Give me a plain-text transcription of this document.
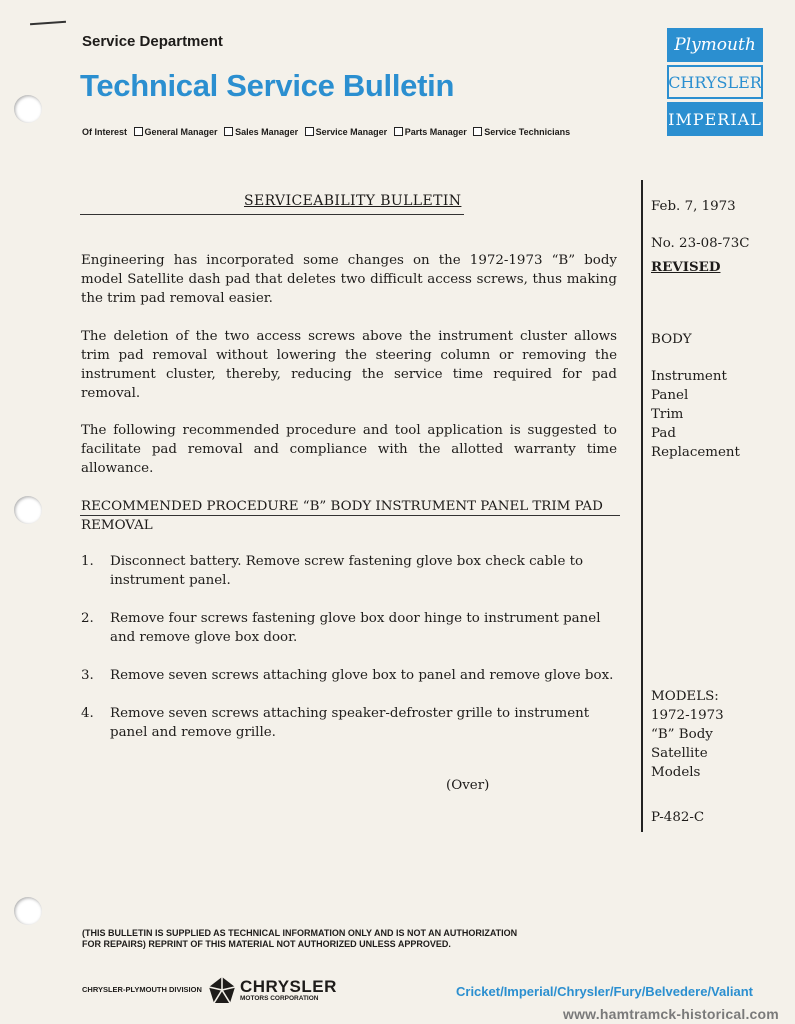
Service Department
Technical Service Bulletin
Of Interest General Manager Sales Manager Service Manager Parts Manager Service Technicians
Plymouth
CHRYSLER
IMPERIAL
SERVICEABILITY BULLETIN
Engineering has incorporated some changes on the 1972-1973 “B” body model Satellite dash pad that deletes two difficult access screws, thus making the trim pad removal easier.
The deletion of the two access screws above the instrument cluster allows trim pad removal without lowering the steering column or removing the instrument cluster, thereby, reducing the service time required for pad removal.
The following recommended procedure and tool application is suggested to facilitate pad removal and compliance with the allotted warranty time allowance.
RECOMMENDED PROCEDURE “B” BODY INSTRUMENT PANEL TRIM PAD REMOVAL
1. Disconnect battery. Remove screw fastening glove box check cable to instrument panel.
2. Remove four screws fastening glove box door hinge to instrument panel and remove glove box door.
3. Remove seven screws attaching glove box to panel and remove glove box.
4. Remove seven screws attaching speaker-defroster grille to instrument panel and remove grille.
(Over)
Feb. 7, 1973
No. 23-08-73C
REVISED
BODY
Instrument
Panel
Trim
Pad
Replacement
MODELS:
1972-1973
“B” Body
Satellite
Models
P-482-C
(THIS BULLETIN IS SUPPLIED AS TECHNICAL INFORMATION ONLY AND IS NOT AN AUTHORIZATION
FOR REPAIRS) REPRINT OF THIS MATERIAL NOT AUTHORIZED UNLESS APPROVED.
CHRYSLER-PLYMOUTH DIVISION CHRYSLER
MOTORS CORPORATION	Cricket/Imperial/Chrysler/Fury/Belvedere/Valiant
www.hamtramck-historical.com
